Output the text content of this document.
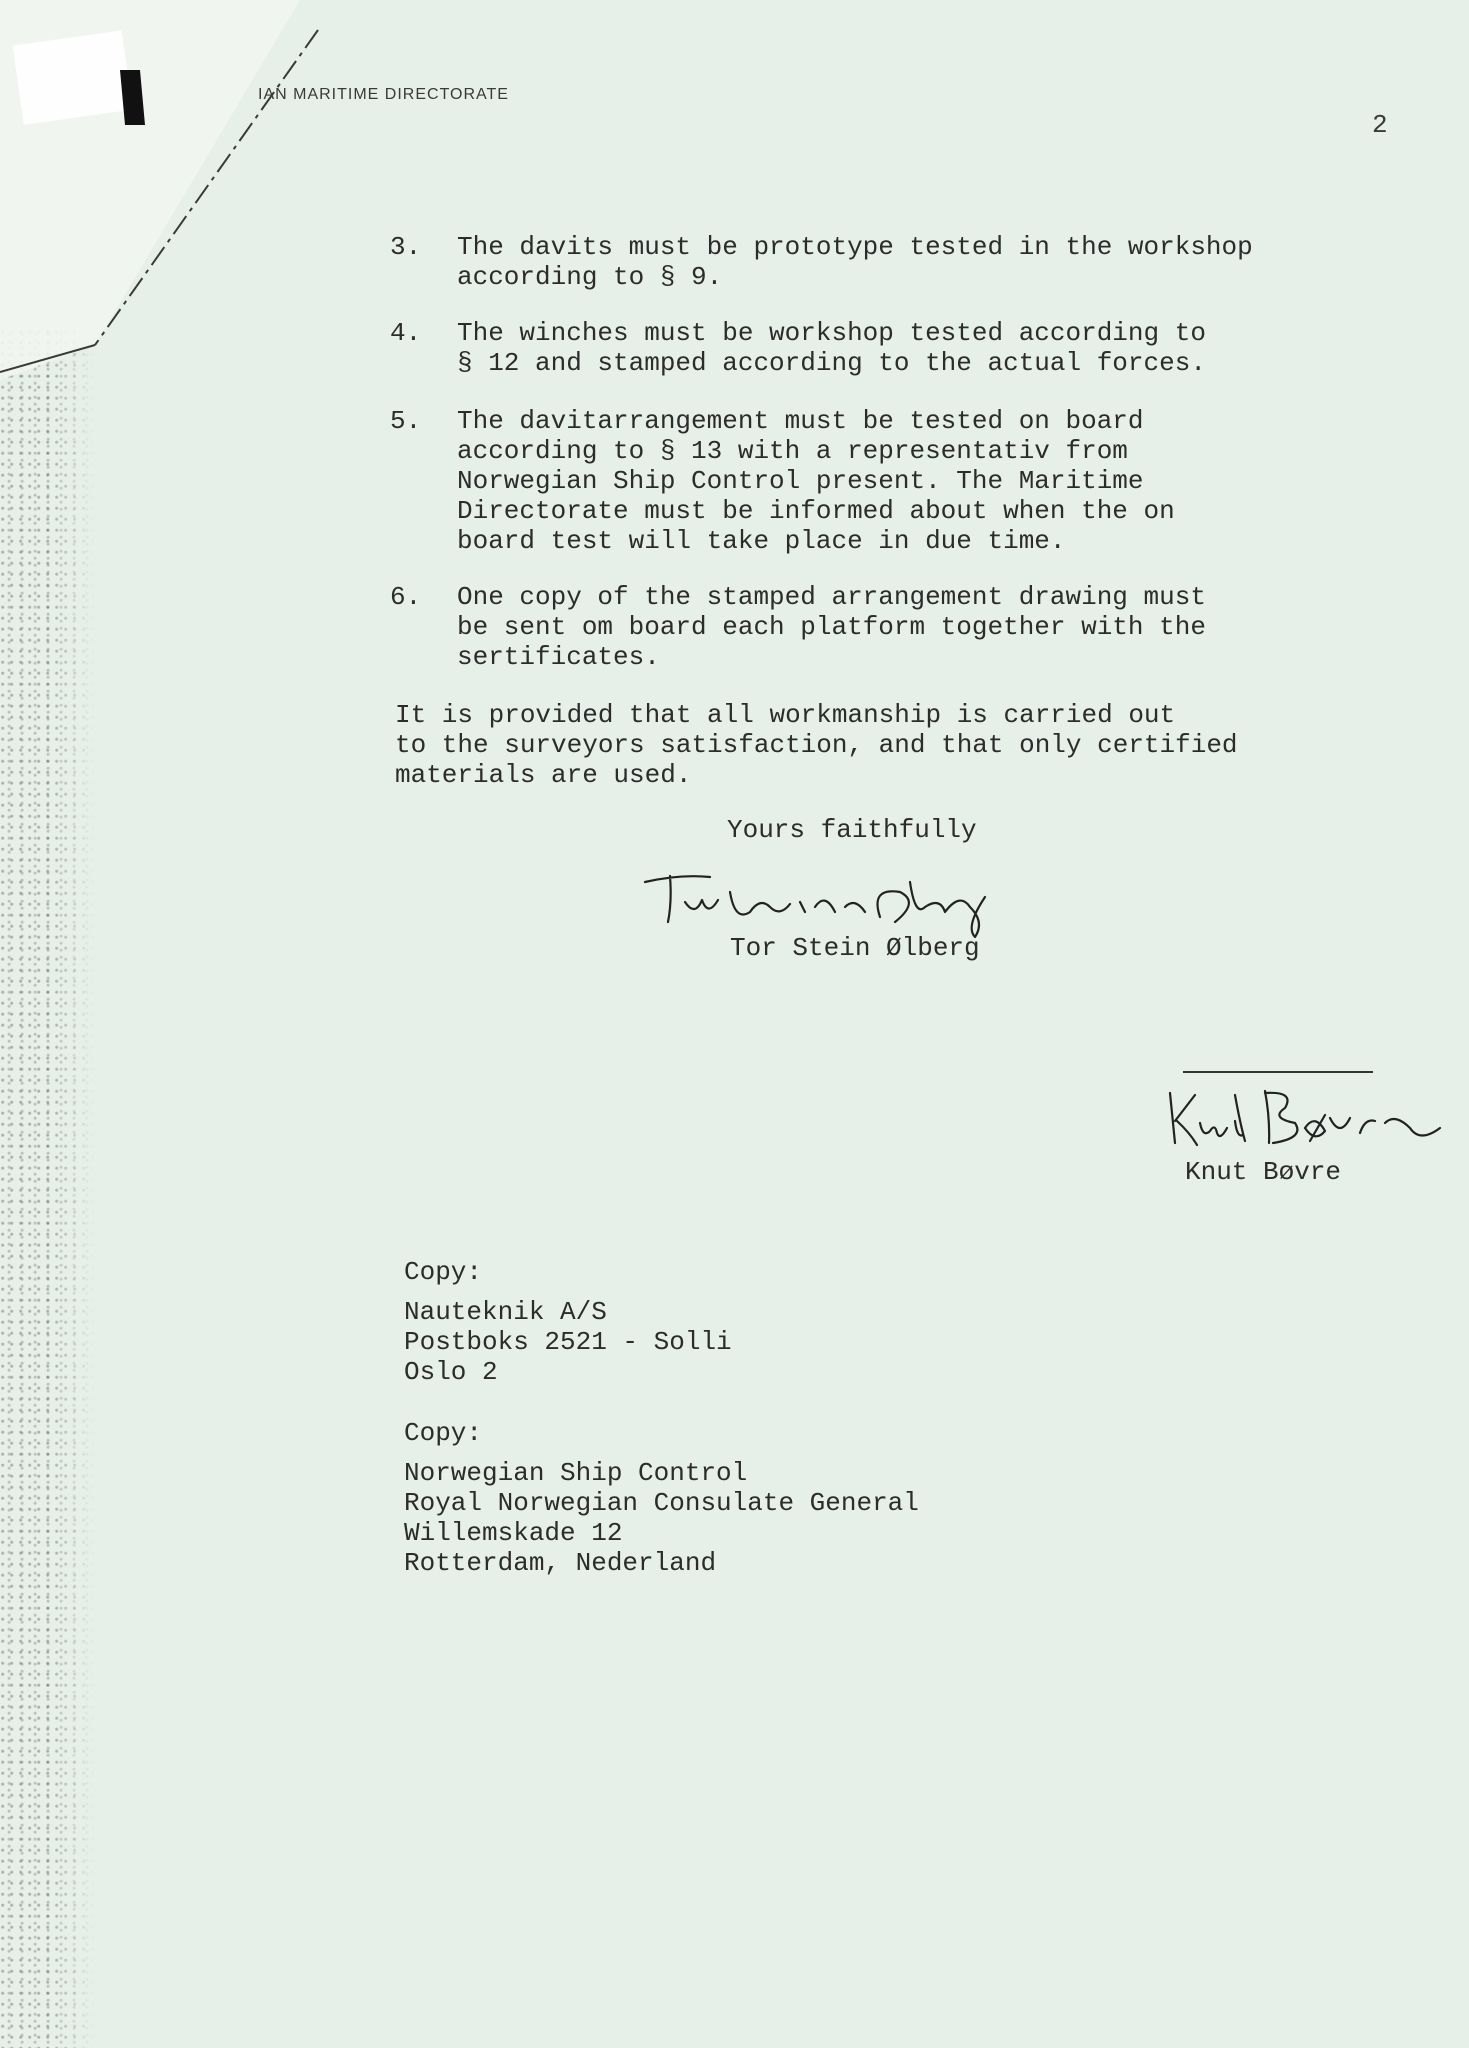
IAN MARITIME DIRECTORATE
2
3. The davits must be prototype tested in the workshop
according to § 9.
4. The winches must be workshop tested according to
§ 12 and stamped according to the actual forces.
5. The davitarrangement must be tested on board
according to § 13 with a representativ from
Norwegian Ship Control present. The Maritime
Directorate must be informed about when the on
board test will take place in due time.
6. One copy of the stamped arrangement drawing must
be sent om board each platform together with the
sertificates.
It is provided that all workmanship is carried out
to the surveyors satisfaction, and that only certified
materials are used.
Yours faithfully
Tor Stein Ølberg
Knut Bøvre
Copy:
Nauteknik A/S
Postboks 2521 - Solli
Oslo 2
Copy:
Norwegian Ship Control
Royal Norwegian Consulate General
Willemskade 12
Rotterdam, Nederland
